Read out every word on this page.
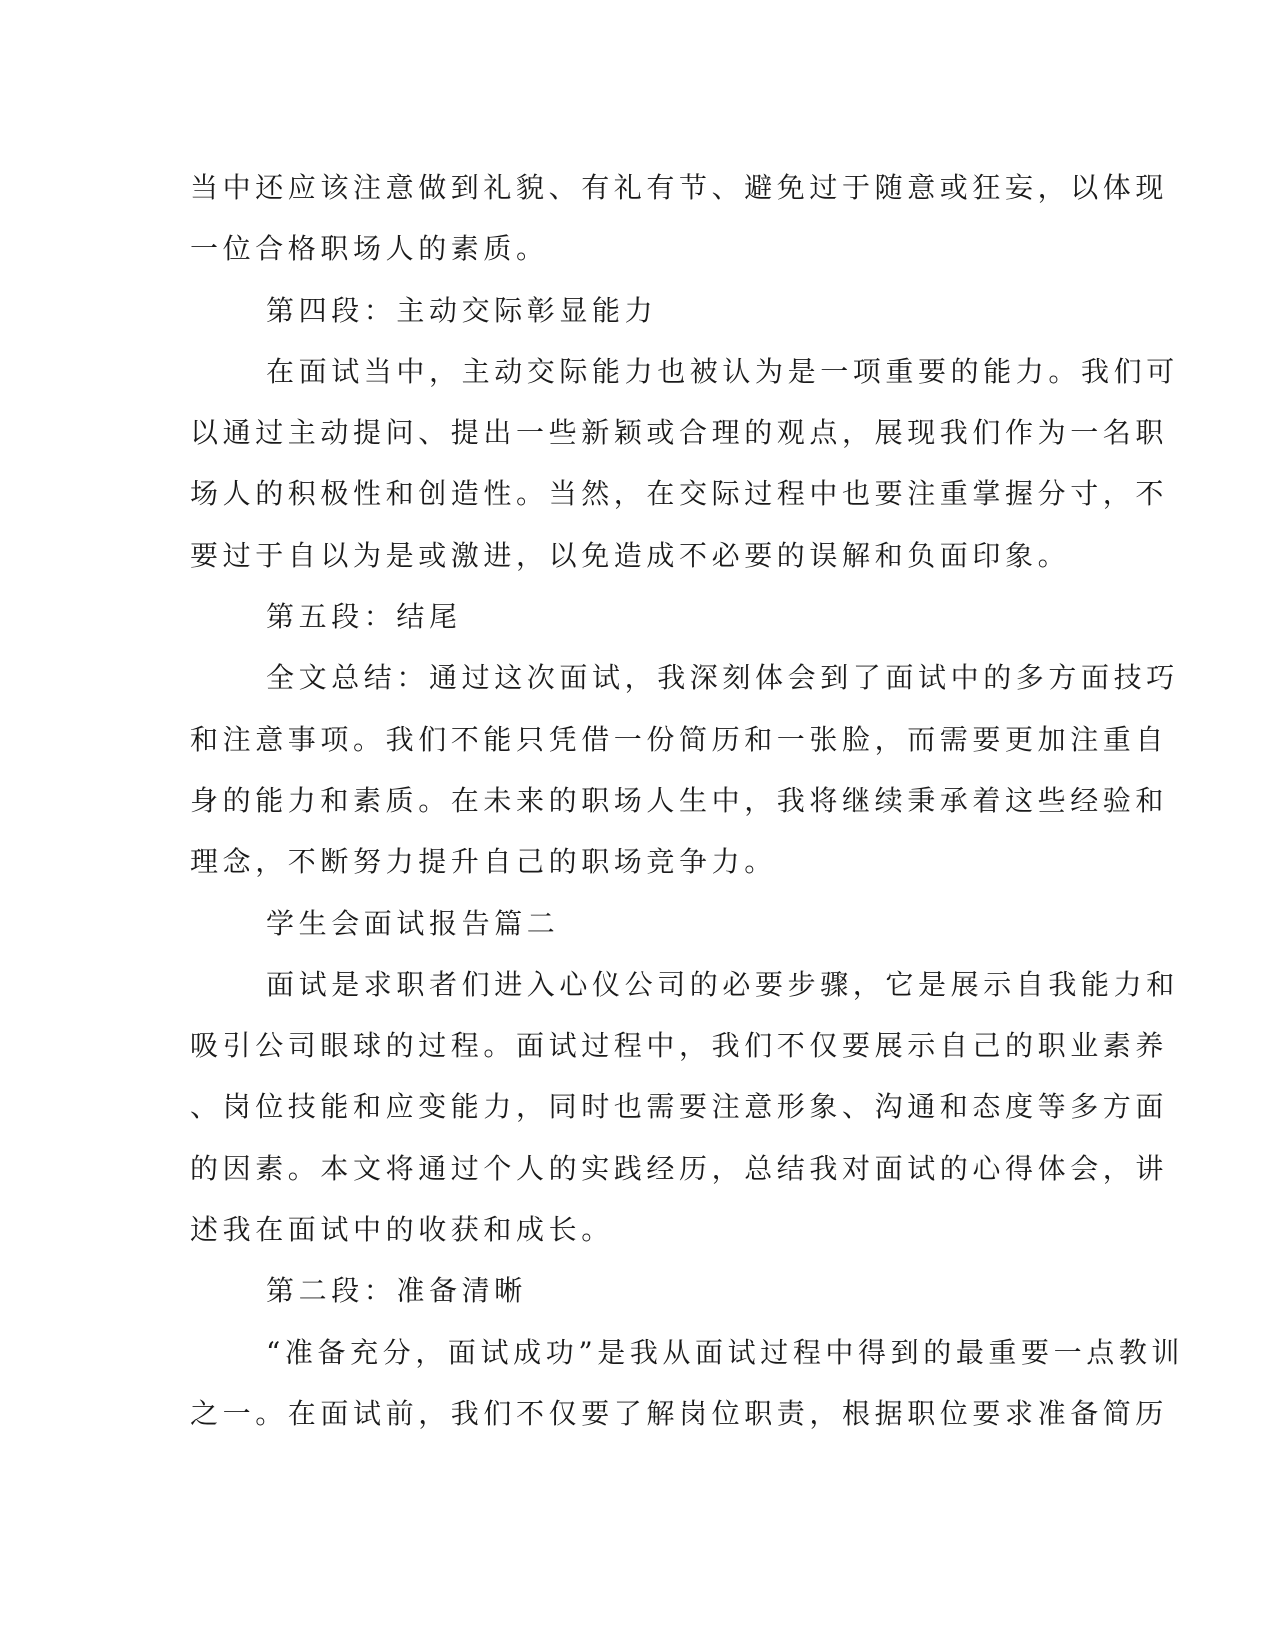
当中还应该注意做到礼貌、有礼有节、避免过于随意或狂妄，以体现
一位合格职场人的素质。
第四段：主动交际彰显能力
在面试当中，主动交际能力也被认为是一项重要的能力。我们可
以通过主动提问、提出一些新颖或合理的观点，展现我们作为一名职
场人的积极性和创造性。当然，在交际过程中也要注重掌握分寸，不
要过于自以为是或激进，以免造成不必要的误解和负面印象。
第五段：结尾
全文总结：通过这次面试，我深刻体会到了面试中的多方面技巧
和注意事项。我们不能只凭借一份简历和一张脸，而需要更加注重自
身的能力和素质。在未来的职场人生中，我将继续秉承着这些经验和
理念，不断努力提升自己的职场竞争力。
学生会面试报告篇二
面试是求职者们进入心仪公司的必要步骤，它是展示自我能力和
吸引公司眼球的过程。面试过程中，我们不仅要展示自己的职业素养
、岗位技能和应变能力，同时也需要注意形象、沟通和态度等多方面
的因素。本文将通过个人的实践经历，总结我对面试的心得体会，讲
述我在面试中的收获和成长。
第二段：准备清晰
“准备充分，面试成功”是我从面试过程中得到的最重要一点教训
之一。在面试前，我们不仅要了解岗位职责，根据职位要求准备简历
